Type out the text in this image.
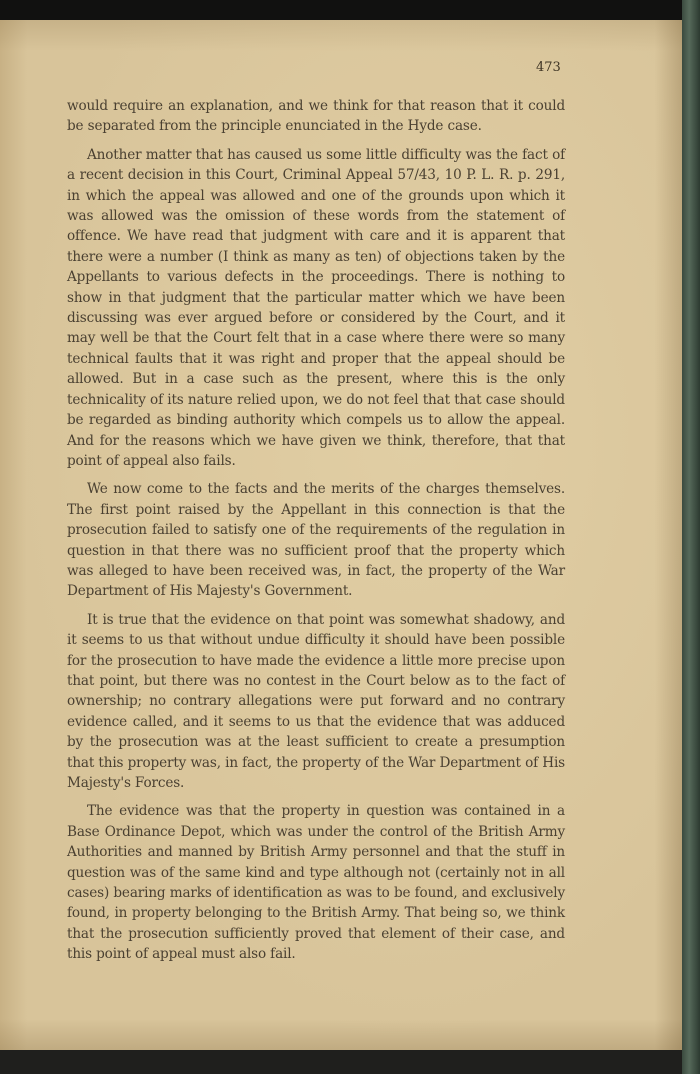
473

would require an explanation, and we think for that reason that it could be separated from the principle enunciated in the Hyde case.

Another matter that has caused us some little difficulty was the fact of a recent decision in this Court, Criminal Appeal 57/43, 10 P. L. R. p. 291, in which the appeal was allowed and one of the grounds upon which it was allowed was the omission of these words from the statement of offence. We have read that judgment with care and it is apparent that there were a number (I think as many as ten) of objections taken by the Appellants to various defects in the proceedings. There is nothing to show in that judgment that the particular matter which we have been discussing was ever argued before or considered by the Court, and it may well be that the Court felt that in a case where there were so many technical faults that it was right and proper that the appeal should be allowed. But in a case such as the present, where this is the only technicality of its nature relied upon, we do not feel that that case should be regarded as binding authority which compels us to allow the appeal. And for the reasons which we have given we think, therefore, that that point of appeal also fails.

We now come to the facts and the merits of the charges themselves. The first point raised by the Appellant in this connection is that the prosecution failed to satisfy one of the requirements of the regulation in question in that there was no sufficient proof that the property which was alleged to have been received was, in fact, the property of the War Department of His Majesty's Government.

It is true that the evidence on that point was somewhat shadowy, and it seems to us that without undue difficulty it should have been possible for the prosecution to have made the evidence a little more precise upon that point, but there was no contest in the Court below as to the fact of ownership; no contrary allegations were put forward and no contrary evidence called, and it seems to us that the evidence that was adduced by the prosecution was at the least sufficient to create a presumption that this property was, in fact, the property of the War Department of His Majesty's Forces.

The evidence was that the property in question was contained in a Base Ordinance Depot, which was under the control of the British Army Authorities and manned by British Army personnel and that the stuff in question was of the same kind and type although not (certainly not in all cases) bearing marks of identification as was to be found, and exclusively found, in property belonging to the British Army. That being so, we think that the prosecution sufficiently proved that element of their case, and this point of appeal must also fail.
